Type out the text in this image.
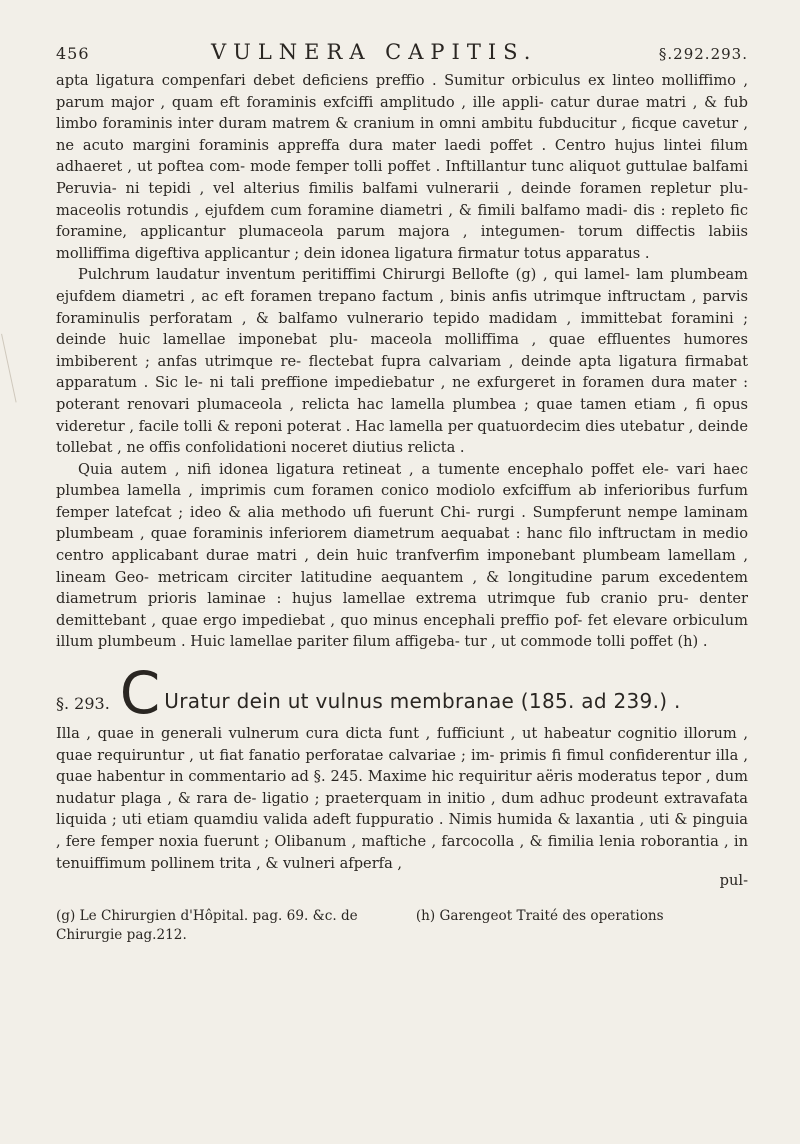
456	VULNERA CAPITIS.	§.292.293.

apta ligatura compenfari debet deficiens preffio . Sumitur orbiculus ex linteo molliffimo , parum major , quam eft foraminis exfciffi amplitudo , ille appli- catur durae matri , & fub limbo foraminis inter duram matrem & cranium in omni ambitu fubducitur , ficque cavetur , ne acuto margini foraminis appreffa dura mater laedi poffet . Centro hujus lintei filum adhaeret , ut poftea com- mode femper tolli poffet . Inftillantur tunc aliquot guttulae balfami Peruvia- ni tepidi , vel alterius fimilis balfami vulnerarii , deinde foramen repletur plu- maceolis rotundis , ejufdem cum foramine diametri , & fimili balfamo madi- dis : repleto fic foramine, applicantur plumaceola parum majora , integumen- torum diffectis labiis molliffima digeftiva applicantur ; dein idonea ligatura firmatur totus apparatus .

Pulchrum laudatur inventum peritiffimi Chirurgi Bellofte (g) , qui lamel- lam plumbeam ejufdem diametri , ac eft foramen trepano factum , binis anfis utrimque inftructam , parvis foraminulis perforatam , & balfamo vulnerario tepido madidam , immittebat foramini ; deinde huic lamellae imponebat plu- maceola molliffima , quae effluentes humores imbiberent ; anfas utrimque re- flectebat fupra calvariam , deinde apta ligatura firmabat apparatum . Sic le- ni tali preffione impediebatur , ne exfurgeret in foramen dura mater : poterant renovari plumaceola , relicta hac lamella plumbea ; quae tamen etiam , fi opus videretur , facile tolli & reponi poterat . Hac lamella per quatuordecim dies utebatur , deinde tollebat , ne offis confolidationi noceret diutius relicta .

Quia autem , nifi idonea ligatura retineat , a tumente encephalo poffet ele- vari haec plumbea lamella , imprimis cum foramen conico modiolo exfciffum ab inferioribus furfum femper latefcat ; ideo & alia methodo ufi fuerunt Chi- rurgi . Sumpferunt nempe laminam plumbeam , quae foraminis inferiorem diametrum aequabat : hanc filo inftructam in medio centro applicabant durae matri , dein huic tranfverfim imponebant plumbeam lamellam , lineam Geo- metricam circiter latitudine aequantem , & longitudine parum excedentem diametrum prioris laminae : hujus lamellae extrema utrimque fub cranio pru- denter demittebant , quae ergo impediebat , quo minus encephali preffio pof- fet elevare orbiculum illum plumbeum . Huic lamellae pariter filum affigeba- tur , ut commode tolli poffet (h) .

§. 293. C Uratur dein ut vulnus membranae (185. ad 239.) .

Illa , quae in generali vulnerum cura dicta funt , fufficiunt , ut habeatur cognitio illorum , quae requiruntur , ut fiat fanatio perforatae calvariae ; im- primis fi fimul confiderentur illa , quae habentur in commentario ad §. 245. Maxime hic requiritur aëris moderatus tepor , dum nudatur plaga , & rara de- ligatio ; praeterquam in initio , dum adhuc prodeunt extravafata liquida ; uti etiam quamdiu valida adeft fuppuratio . Nimis humida & laxantia , uti & pinguia , fere femper noxia fuerunt ; Olibanum , maftiche , farcocolla , & fimilia lenia roborantia , in tenuiffimum pollinem trita , & vulneri afperfa ,

pul-
(g) Le Chirurgien d'Hôpital. pag. 69. &c. de Chirurgie pag.212.
(h) Garengeot Traité des operations
